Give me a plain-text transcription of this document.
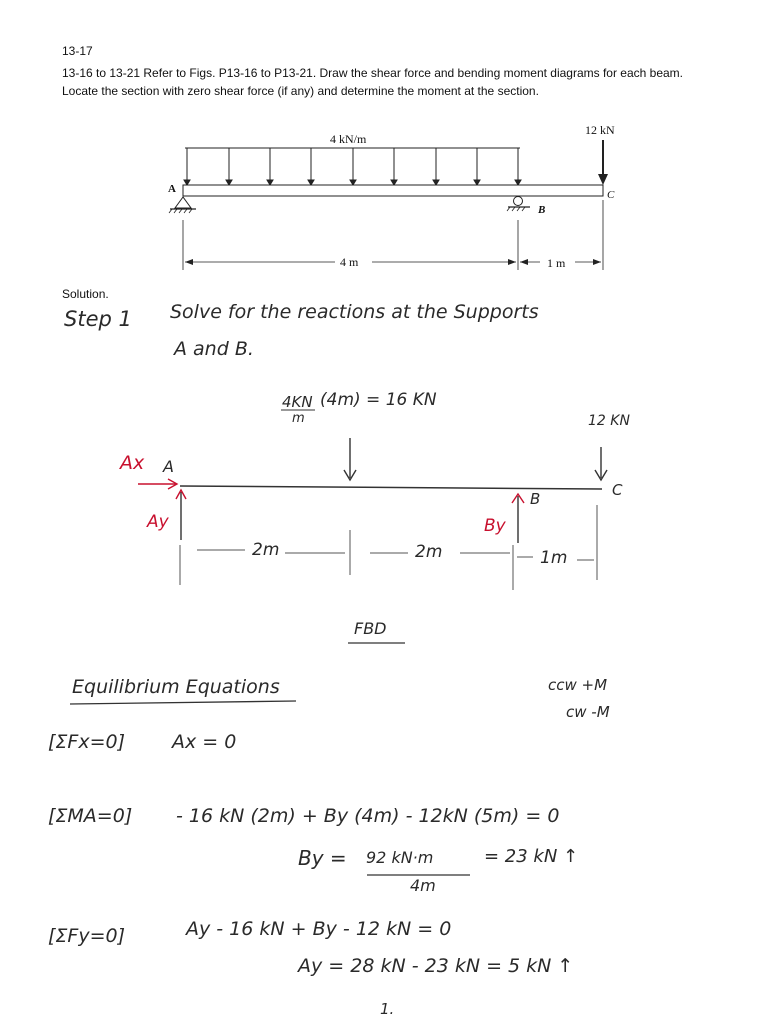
13-17
13-16 to 13-21 Refer to Figs. P13-16 to P13-21. Draw the shear force and bending moment diagrams for each beam.
Locate the section with zero shear force (if any) and determine the moment at the section.
4 kN/m
12 kN
A
B
C
4 m	1 m
Solution.
Step 1 Solve for the reactions at the Supports
A and B.
4KN
m
(4m) = 16 KN
12 KN
Ax A
Ay	By
B	C
2m	2m	1m
FBD
Equilibrium Equations	ccw +M
cw -M
[ΣFx=0] Ax = 0
[ΣMA=0] - 16 kN (2m) + By (4m) - 12kN (5m) = 0
By = 92 kN·m
4m
= 23 kN ↑
[ΣFy=0]	Ay - 16 kN + By - 12 kN = 0
Ay = 28 kN - 23 kN = 5 kN ↑
1.
